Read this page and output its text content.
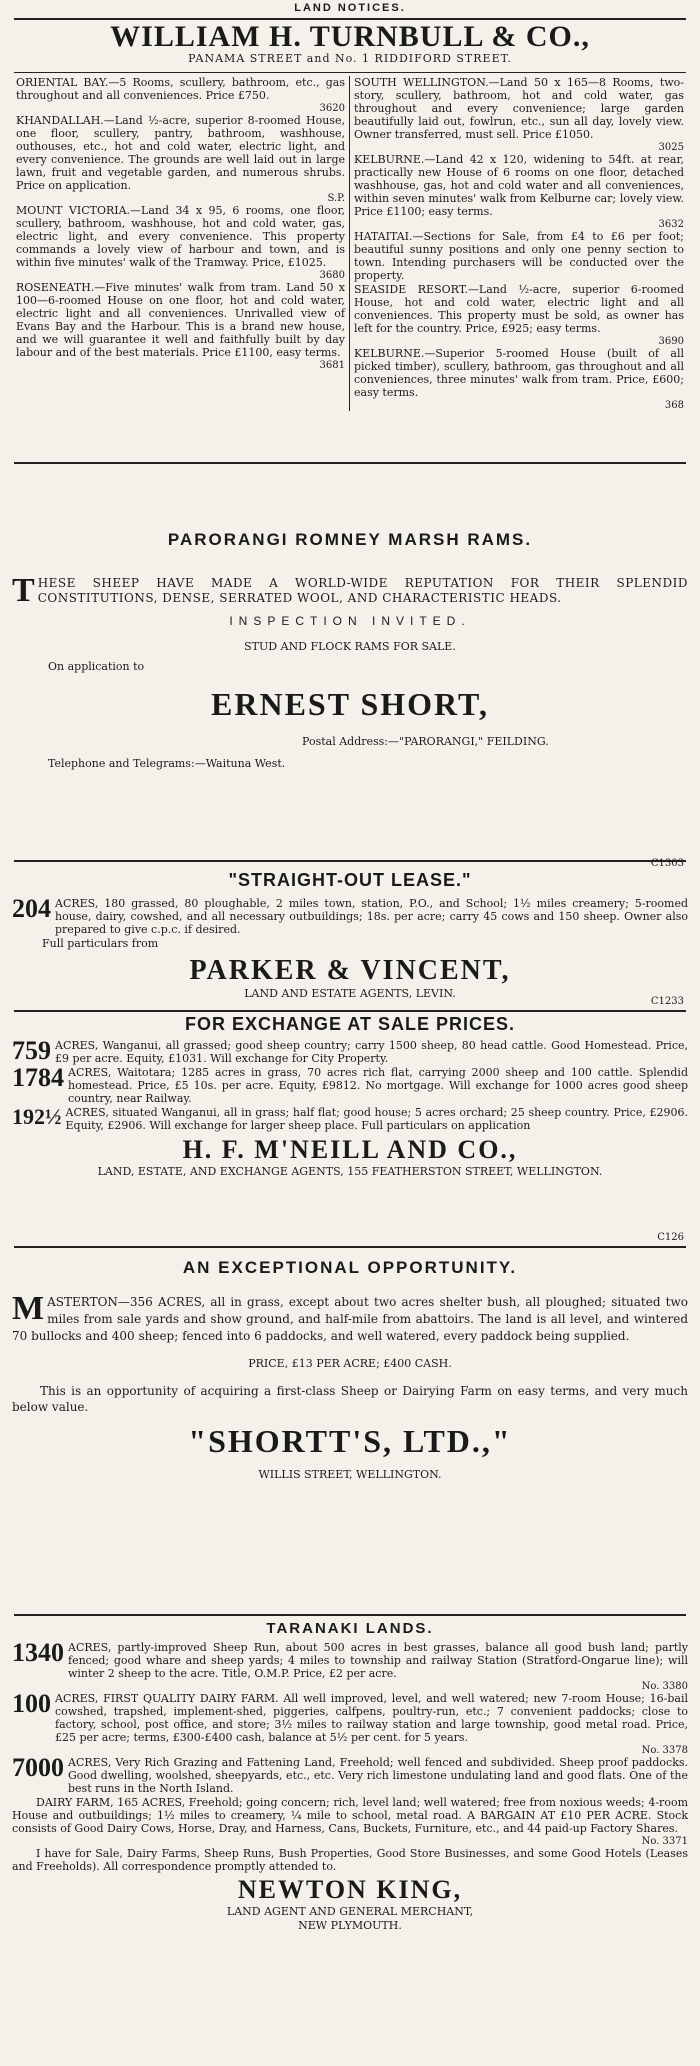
LAND NOTICES.
WILLIAM H. TURNBULL & CO.,
PANAMA STREET and No. 1 RIDDIFORD STREET.

ORIENTAL BAY.—5 Rooms, scullery, bathroom, etc., gas throughout and all conveniences. Price £750.

3620

KHANDALLAH.—Land ½-acre, superior 8-roomed House, one floor, scullery, pantry, bathroom, washhouse, outhouses, etc., hot and cold water, electric light, and every convenience. The grounds are well laid out in large lawn, fruit and vegetable garden, and numerous shrubs. Price on application.

S.P.

MOUNT VICTORIA.—Land 34 x 95, 6 rooms, one floor, scullery, bathroom, washhouse, hot and cold water, gas, electric light, and every convenience. This property commands a lovely view of harbour and town, and is within five minutes' walk of the Tramway. Price, £1025.

3680

ROSENEATH.—Five minutes' walk from tram. Land 50 x 100—6-roomed House on one floor, hot and cold water, electric light and all conveniences. Unrivalled view of Evans Bay and the Harbour. This is a brand new house, and we will guarantee it well and faithfully built by day labour and of the best materials. Price £1100, easy terms.

3681

SOUTH WELLINGTON.—Land 50 x 165—8 Rooms, two-story, scullery, bathroom, hot and cold water, gas throughout and every convenience; large garden beautifully laid out, fowlrun, etc., sun all day, lovely view. Owner transferred, must sell. Price £1050.

3025

KELBURNE.—Land 42 x 120, widening to 54ft. at rear, practically new House of 6 rooms on one floor, detached washhouse, gas, hot and cold water and all conveniences, within seven minutes' walk from Kelburne car; lovely view. Price £1100; easy terms.

3632

HATAITAI.—Sections for Sale, from £4 to £6 per foot; beautiful sunny positions and only one penny section to town. Intending purchasers will be conducted over the property.

SEASIDE RESORT.—Land ½-acre, superior 6-roomed House, hot and cold water, electric light and all conveniences. This property must be sold, as owner has left for the country. Price, £925; easy terms.

3690

KELBURNE.—Superior 5-roomed House (built of all picked timber), scullery, bathroom, gas throughout and all conveniences, three minutes' walk from tram. Price, £600; easy terms.

368
PARORANGI ROMNEY MARSH RAMS.
T HESE SHEEP HAVE MADE A WORLD-WIDE REPUTATION FOR THEIR SPLENDID CONSTITUTIONS, DENSE, SERRATED WOOL, AND CHARACTERISTIC HEADS.

INSPECTION INVITED.
STUD AND FLOCK RAMS FOR SALE.
On application to
ERNEST SHORT,
Postal Address:—"PARORANGI," FEILDING.
Telephone and Telegrams:—Waituna West.
C1303
"STRAIGHT-OUT LEASE."
204 ACRES, 180 grassed, 80 ploughable, 2 miles town, station, P.O., and School; 1½ miles creamery; 5-roomed house, dairy, cowshed, and all necessary outbuildings; 18s. per acre; carry 45 cows and 150 sheep. Owner also prepared to give c.p.c. if desired.

Full particulars from
PARKER & VINCENT,
LAND AND ESTATE AGENTS, LEVIN.
C1233
FOR EXCHANGE AT SALE PRICES.
759 ACRES, Wanganui, all grassed; good sheep country; carry 1500 sheep, 80 head cattle. Good Homestead. Price, £9 per acre. Equity, £1031. Will exchange for City Property.

1784 ACRES, Waitotara; 1285 acres in grass, 70 acres rich flat, carrying 2000 sheep and 100 cattle. Splendid homestead. Price, £5 10s. per acre. Equity, £9812. No mortgage. Will exchange for 1000 acres good sheep country, near Railway.

192½ ACRES, situated Wanganui, all in grass; half flat; good house; 5 acres orchard; 25 sheep country. Price, £2906. Equity, £2906. Will exchange for larger sheep place. Full particulars on application

H. F. M'NEILL AND CO.,
LAND, ESTATE, AND EXCHANGE AGENTS, 155 FEATHERSTON STREET, WELLINGTON.
C126
AN EXCEPTIONAL OPPORTUNITY.
M ASTERTON—356 ACRES, all in grass, except about two acres shelter bush, all ploughed; situated two miles from sale yards and show ground, and half-mile from abattoirs. The land is all level, and wintered 70 bullocks and 400 sheep; fenced into 6 paddocks, and well watered, every paddock being supplied.

PRICE, £13 PER ACRE; £400 CASH.

This is an opportunity of acquiring a first-class Sheep or Dairying Farm on easy terms, and very much below value.

"SHORTT'S, LTD.,"
WILLIS STREET, WELLINGTON.
TARANAKI LANDS.
1340 ACRES, partly-improved Sheep Run, about 500 acres in best grasses, balance all good bush land; partly fenced; good whare and sheep yards; 4 miles to township and railway Station (Stratford-Ongarue line); will winter 2 sheep to the acre. Title, O.M.P. Price, £2 per acre.

No. 3380
100 ACRES, FIRST QUALITY DAIRY FARM. All well improved, level, and well watered; new 7-room House; 16-bail cowshed, trapshed, implement-shed, piggeries, calfpens, poultry-run, etc.; 7 convenient paddocks; close to factory, school, post office, and store; 3½ miles to railway station and large township, good metal road. Price, £25 per acre; terms, £300-£400 cash, balance at 5½ per cent. for 5 years.

No. 3378
7000 ACRES, Very Rich Grazing and Fattening Land, Freehold; well fenced and subdivided. Sheep proof paddocks. Good dwelling, woolshed, sheepyards, etc., etc. Very rich limestone undulating land and good flats. One of the best runs in the North Island.

DAIRY FARM, 165 ACRES, Freehold; going concern; rich, level land; well watered; free from noxious weeds; 4-room House and outbuildings; 1½ miles to creamery, ¼ mile to school, metal road. A BARGAIN AT £10 PER ACRE. Stock consists of Good Dairy Cows, Horse, Dray, and Harness, Cans, Buckets, Furniture, etc., and 44 paid-up Factory Shares.

No. 3371

I have for Sale, Dairy Farms, Sheep Runs, Bush Properties, Good Store Businesses, and some Good Hotels (Leases and Freeholds). All correspondence promptly attended to.

NEWTON KING,
LAND AGENT AND GENERAL MERCHANT,
NEW PLYMOUTH.
